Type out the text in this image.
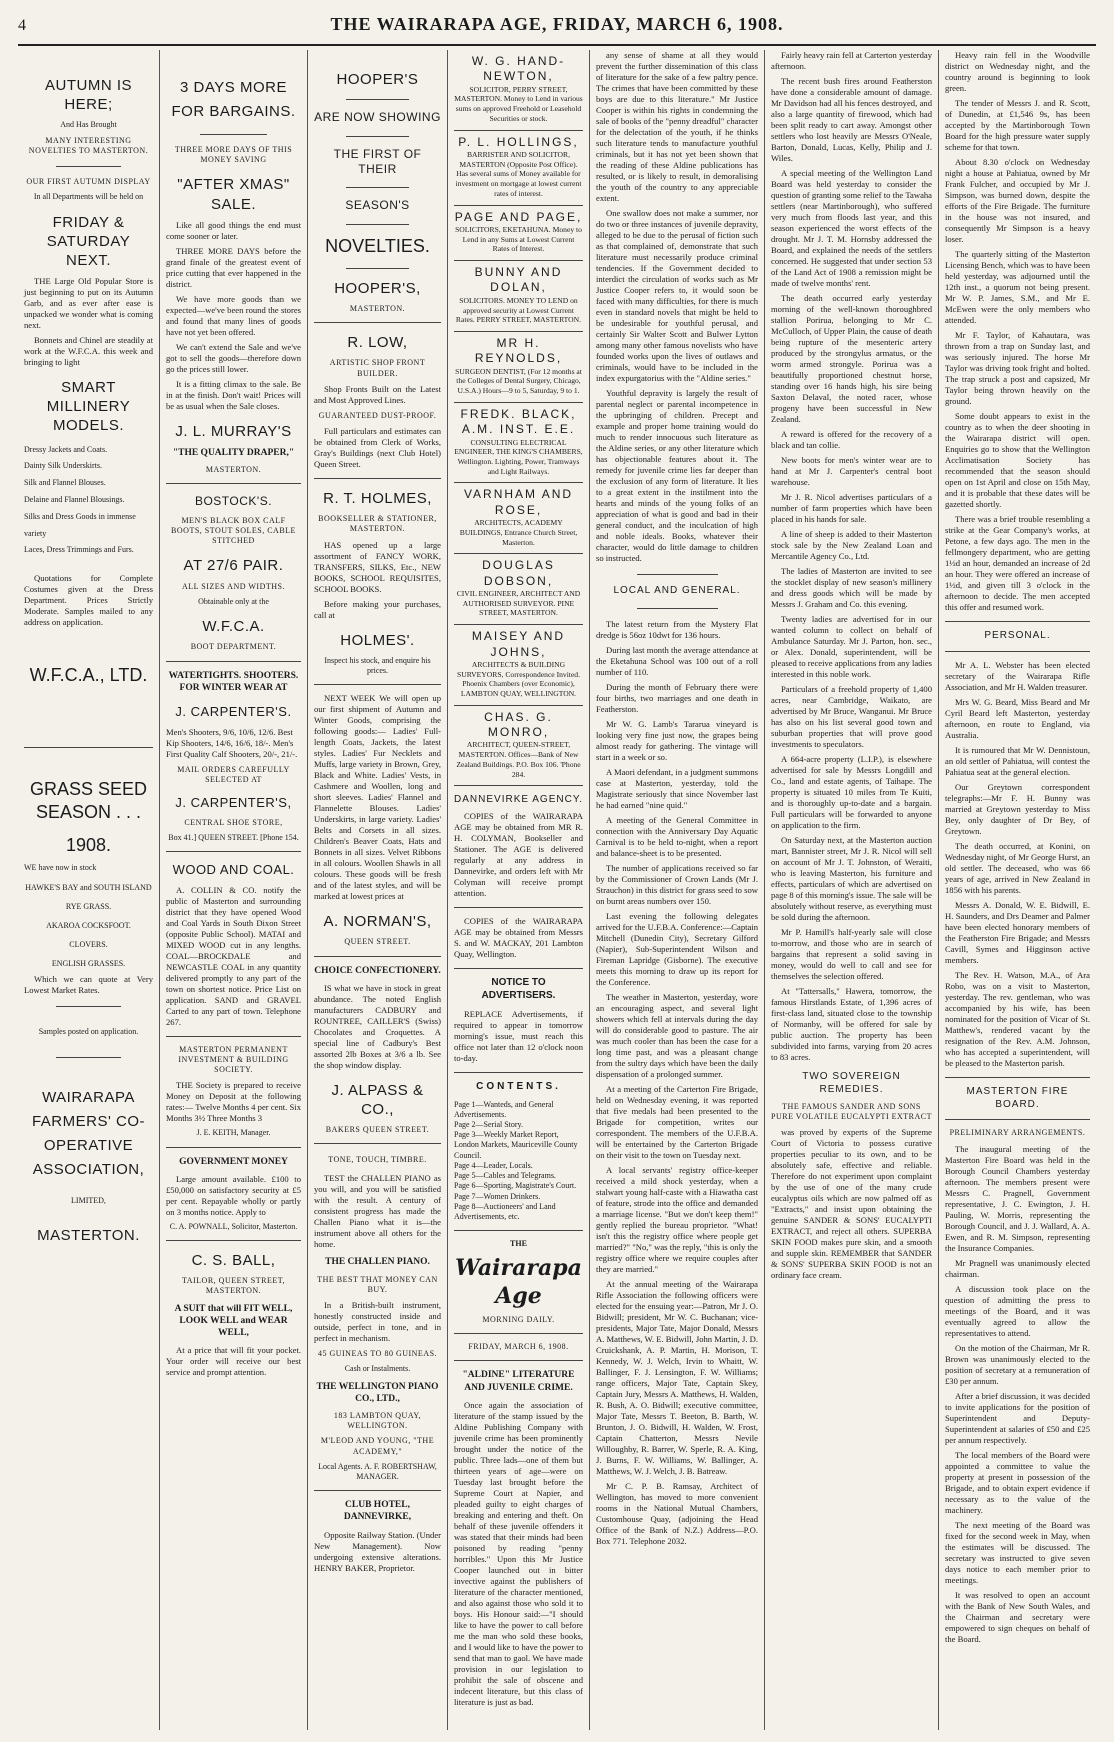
4	THE WAIRARAPA AGE, FRIDAY, MARCH 6, 1908.
AUTUMN IS HERE;
And Has Brought
MANY INTERESTING NOVELTIES TO MASTERTON.
OUR FIRST AUTUMN DISPLAY
In all Departments will be held on
FRIDAY & SATURDAY NEXT.

THE Large Old Popular Store is just beginning to put on its Autumn Garb, and as ever after ease is unpacked we wonder what is coming next.

Bonnets and Chinel are steadily at work at the W.F.C.A. this week and bringing to light

SMART MILLINERY MODELS.
Dressy Jackets and Coats.
Dainty Silk Underskirts.
Silk and Flannel Blouses.
Delaine and Flannel Blousings.
Silks and Dress Goods in immense variety
Laces, Dress Trimmings and Furs.

Quotations for Complete Costumes given at the Dress Department. Prices Strictly Moderate. Samples mailed to any address on application.

W.F.C.A., LTD.
GRASS SEED SEASON . . .
1908.
WE have now in stock
HAWKE'S BAY and SOUTH ISLAND RYE GRASS.
AKAROA COCKSFOOT.
CLOVERS.
ENGLISH GRASSES.

Which we can quote at Very Lowest Market Rates.

Samples posted on application.
WAIRARAPA FARMERS' CO-OPERATIVE ASSOCIATION,
LIMITED,
MASTERTON.
3 DAYS MORE FOR BARGAINS.
THREE MORE DAYS OF THIS MONEY SAVING
"AFTER XMAS" SALE.

Like all good things the end must come sooner or later.

THREE MORE DAYS before the grand finale of the greatest event of price cutting that ever happened in the district.

We have more goods than we expected—we've been round the stores and found that many lines of goods have not yet been offered.

We can't extend the Sale and we've got to sell the goods—therefore down go the prices still lower.

It is a fitting climax to the sale. Be in at the finish. Don't wait! Prices will be as usual when the Sale closes.

J. L. MURRAY'S
"THE QUALITY DRAPER,"
MASTERTON.
BOSTOCK'S.
MEN'S BLACK BOX CALF BOOTS, STOUT SOLES, CABLE STITCHED
AT 27/6 PAIR.
ALL SIZES AND WIDTHS.
Obtainable only at the
W.F.C.A.
BOOT DEPARTMENT.
WATERTIGHTS. SHOOTERS. FOR WINTER WEAR AT
J. CARPENTER'S.

Men's Shooters, 9/6, 10/6, 12/6. Best Kip Shooters, 14/6, 16/6, 18/-. Men's First Quality Calf Shooters, 20/-, 21/-.

MAIL ORDERS CAREFULLY SELECTED AT
J. CARPENTER'S,
CENTRAL SHOE STORE,
Box 41.] QUEEN STREET. [Phone 154.
WOOD AND COAL.

A. COLLIN & CO. notify the public of Masterton and surrounding district that they have opened Wood and Coal Yards in South Dixon Street (opposite Public School). MATAI and MIXED WOOD cut in any lengths. COAL—BROCKDALE and NEWCASTLE COAL in any quantity delivered promptly to any part of the town on shortest notice. Price List on application. SAND and GRAVEL Carted to any part of town. Telephone 267.

MASTERTON PERMANENT INVESTMENT & BUILDING SOCIETY.

THE Society is prepared to receive Money on Deposit at the following rates:— Twelve Months 4 per cent. Six Months 3½ Three Months 3

J. E. KEITH, Manager.
GOVERNMENT MONEY

Large amount available. £100 to £50,000 on satisfactory security at £5 per cent. Repayable wholly or partly on 3 months notice. Apply to

C. A. POWNALL, Solicitor, Masterton.
C. S. BALL,
TAILOR, QUEEN STREET, MASTERTON.
A SUIT that will FIT WELL, LOOK WELL and WEAR WELL,

At a price that will fit your pocket. Your order will receive our best service and prompt attention.

HOOPER'S
ARE NOW SHOWING
THE FIRST OF THEIR
SEASON'S
NOVELTIES.
HOOPER'S,
MASTERTON.
R. LOW,
ARTISTIC SHOP FRONT BUILDER.

Shop Fronts Built on the Latest and Most Approved Lines.

GUARANTEED DUST-PROOF.

Full particulars and estimates can be obtained from Clerk of Works, Gray's Buildings (next Club Hotel) Queen Street.

R. T. HOLMES,
BOOKSELLER & STATIONER, MASTERTON.

HAS opened up a large assortment of FANCY WORK, TRANSFERS, SILKS, Etc., NEW BOOKS, SCHOOL REQUISITES, SCHOOL BOOKS.

Before making your purchases, call at

HOLMES'.
Inspect his stock, and enquire his prices.

NEXT WEEK We will open up our first shipment of Autumn and Winter Goods, comprising the following goods:— Ladies' Full-length Coats, Jackets, the latest styles. Ladies' Fur Necklets and Muffs, large variety in Brown, Grey, Black and White. Ladies' Vests, in Cashmere and Woollen, long and short sleeves. Ladies' Flannel and Flannelette Blouses. Ladies' Underskirts, in large variety. Ladies' Belts and Corsets in all sizes. Children's Beaver Coats, Hats and Bonnets in all sizes. Velvet Ribbons in all colours. Woollen Shawls in all colours. These goods will be fresh and of the latest styles, and will be marked at lowest prices at

A. NORMAN'S,
QUEEN STREET.
CHOICE CONFECTIONERY.

IS what we have in stock in great abundance. The noted English manufacturers CADBURY and ROUNTREE, CAILLER'S (Swiss) Chocolates and Croquettes. A special line of Cadbury's Best assorted 2lb Boxes at 3/6 a lb. See the shop window display.

J. ALPASS & CO.,
BAKERS QUEEN STREET.
TONE, TOUCH, TIMBRE.

TEST the CHALLEN PIANO as you will, and you will be satisfied with the result. A century of consistent progress has made the Challen Piano what it is—the instrument above all others for the home.

THE CHALLEN PIANO.
THE BEST THAT MONEY CAN BUY.

In a British-built instrument, honestly constructed inside and outside, perfect in tone, and in perfect in mechanism.

45 GUINEAS TO 80 GUINEAS.
Cash or Instalments.
THE WELLINGTON PIANO CO., LTD.,
183 LAMBTON QUAY, WELLINGTON.
M'LEOD AND YOUNG, "THE ACADEMY,"
Local Agents. A. F. ROBERTSHAW, MANAGER.
CLUB HOTEL, DANNEVIRKE,

Opposite Railway Station. (Under New Management). Now undergoing extensive alterations. HENRY BAKER, Proprietor.

W. G. HAND-NEWTON,
SOLICITOR, PERRY STREET, MASTERTON. Money to Lend in various sums on approved Freehold or Leasehold Securities or stock.
P. L. HOLLINGS,
BARRISTER AND SOLICITOR, MASTERTON (Opposite Post Office). Has several sums of Money available for investment on mortgage at lowest current rates of interest.
PAGE AND PAGE,
SOLICITORS, EKETAHUNA. Money to Lend in any Sums at Lowest Current Rates of Interest.
BUNNY AND DOLAN,
SOLICITORS. MONEY TO LEND on approved security at Lowest Current Rates. PERRY STREET, MASTERTON.
MR H. REYNOLDS,
SURGEON DENTIST, (For 12 months at the Colleges of Dental Surgery, Chicago, U.S.A.) Hours—9 to 5, Saturday, 9 to 1.
FREDK. BLACK, A.M. INST. E.E.
CONSULTING ELECTRICAL ENGINEER, THE KING'S CHAMBERS, Wellington. Lighting, Power, Tramways and Light Railways.
VARNHAM AND ROSE,
ARCHITECTS, ACADEMY BUILDINGS, Entrance Church Street, Masterton.
DOUGLAS DOBSON,
CIVIL ENGINEER, ARCHITECT AND AUTHORISED SURVEYOR. PINE STREET, MASTERTON.
MAISEY AND JOHNS,
ARCHITECTS & BUILDING SURVEYORS, Correspondence Invited. Phoenix Chambers (over Economic), LAMBTON QUAY, WELLINGTON.
CHAS. G. MONRO,
ARCHITECT, QUEEN-STREET, MASTERTON. Offices—Bank of New Zealand Buildings. P.O. Box 106. 'Phone 284.
DANNEVIRKE AGENCY.

COPIES of the WAIRARAPA AGE may be obtained from MR R. H. COLYMAN, Bookseller and Stationer. The AGE is delivered regularly at any address in Dannevirke, and orders left with Mr Colyman will receive prompt attention.

COPIES of the WAIRARAPA AGE may be obtained from Messrs S. and W. MACKAY, 201 Lambton Quay, Wellington.

NOTICE TO ADVERTISERS.

REPLACE Advertisements, if required to appear in tomorrow morning's issue, must reach this office not later than 12 o'clock noon to-day.

CONTENTS.
Page 1—Wanteds, and General Advertisements.
Page 2—Serial Story.
Page 3—Weekly Market Report, London Markets, Mauriceville County Council.
Page 4—Leader, Locals.
Page 5—Cables and Telegrams.
Page 6—Sporting, Magistrate's Court.
Page 7—Women Drinkers.
Page 8—Auctioneers' and Land Advertisements, etc.
THE
Wairarapa Age
MORNING DAILY.
FRIDAY, MARCH 6, 1908.
"ALDINE" LITERATURE AND JUVENILE CRIME.

Once again the association of literature of the stamp issued by the Aldine Publishing Company with juvenile crime has been prominently brought under the notice of the public. Three lads—one of them but thirteen years of age—were on Tuesday last brought before the Supreme Court at Napier, and pleaded guilty to eight charges of breaking and entering and theft. On behalf of these juvenile offenders it was stated that their minds had been poisoned by reading "penny horribles." Upon this Mr Justice Cooper launched out in bitter invective against the publishers of literature of the character mentioned, and also against those who sold it to boys. His Honour said:—"I should like to have the power to call before me the man who sold these books, and I would like to have the power to send that man to gaol. We have made provision in our legislation to prohibit the sale of obscene and indecent literature, but this class of literature is just as bad.

any sense of shame at all they would prevent the further dissemination of this class of literature for the sake of a few paltry pence. The crimes that have been committed by these boys are due to this literature." Mr Justice Cooper is within his rights in condemning the sale of books of the "penny dreadful" character for the delectation of the youth, if he thinks such literature tends to manufacture youthful criminals, but it has not yet been shown that the reading of these Aldine publications has resulted, or is likely to result, in demoralising the youth of the country to any appreciable extent.

One swallow does not make a summer, nor do two or three instances of juvenile depravity, alleged to be due to the perusal of fiction such as that complained of, demonstrate that such literature must necessarily produce criminal tendencies. If the Government decided to interdict the circulation of works such as Mr Justice Cooper refers to, it would soon be faced with many difficulties, for there is much even in standard novels that might be held to be undesirable for youthful perusal, and certainly Sir Walter Scott and Bulwer Lytton among many other famous novelists who have founded works upon the lives of outlaws and criminals, would have to be included in the index expurgatorius with the "Aldine series."

Youthful depravity is largely the result of parental neglect or parental incompetence in the upbringing of children. Precept and example and proper home training would do much to render innocuous such literature as the Aldine series, or any other literature which has objectionable features about it. The remedy for juvenile crime lies far deeper than the exclusion of any form of literature. It lies to a great extent in the instilment into the hearts and minds of the young folks of an appreciation of what is good and bad in their general conduct, and the inculcation of high and noble ideals. Books, whatever their character, would do little damage to children so instructed.

LOCAL AND GENERAL.

The latest return from the Mystery Flat dredge is 56oz 10dwt for 136 hours.

During last month the average attendance at the Eketahuna School was 100 out of a roll number of 110.

During the month of February there were four births, two marriages and one death in Featherston.

Mr W. G. Lamb's Tararua vineyard is looking very fine just now, the grapes being almost ready for gathering. The vintage will start in a week or so.

A Maori defendant, in a judgment summons case at Masterton, yesterday, told the Magistrate seriously that since November last he had earned "nine quid."

A meeting of the General Committee in connection with the Anniversary Day Aquatic Carnival is to be held to-night, when a report and balance-sheet is to be presented.

The number of applications received so far by the Commissioner of Crown Lands (Mr J. Strauchon) in this district for grass seed to sow on burnt areas numbers over 150.

Last evening the following delegates arrived for the U.F.B.A. Conference:—Captain Mitchell (Dunedin City), Secretary Gilford (Napier), Sub-Superintendent Wilson and Fireman Lapridge (Gisborne). The executive meets this morning to draw up its report for the Conference.

The weather in Masterton, yesterday, wore an encouraging aspect, and several light showers which fell at intervals during the day will do considerable good to pasture. The air was much cooler than has been the case for a long time past, and was a pleasant change from the sultry days which have been the daily dispensation of a prolonged summer.

At a meeting of the Carterton Fire Brigade, held on Wednesday evening, it was reported that five medals had been presented to the Brigade for competition, writes our correspondent. The members of the U.F.B.A. will be entertained by the Carterton Brigade on their visit to the town on Tuesday next.

A local servants' registry office-keeper received a mild shock yesterday, when a stalwart young half-caste with a Hiawatha cast of feature, strode into the office and demanded a marriage license. "But we don't keep them!" gently replied the bureau proprietor. "What! isn't this the registry office where people get married?" "No," was the reply, "this is only the registry office where we require couples after they are married."

At the annual meeting of the Wairarapa Rifle Association the following officers were elected for the ensuing year:—Patron, Mr J. O. Bidwill; president, Mr W. C. Buchanan; vice-presidents, Major Tate, Major Donald, Messrs A. Matthews, W. E. Bidwill, John Martin, J. D. Cruickshank, A. P. Martin, H. Morison, T. Kennedy, W. J. Welch, Irvin to Whaitt, W. Ballinger, F. J. Lensington, F. W. Williams; range officers, Major Tate, Captain Skey, Captain Jury, Messrs A. Matthews, H. Walden, R. Bush, A. O. Bidwill; executive committee, Major Tate, Messrs T. Beeton, B. Barth, W. Brunton, J. O. Bidwill, H. Walden, W. Frost, Captain Chatterton, Messrs Nevile Willoughby, R. Barrer, W. Sperle, R. A. King, J. Burns, F. W. Williams, W. Ballinger, A. Matthews, W. J. Welch, J. B. Batreaw.

Mr C. P. B. Ramsay, Architect of Wellington, has moved to more convenient rooms in the National Mutual Chambers, Customhouse Quay, (adjoining the Head Office of the Bank of N.Z.) Address—P.O. Box 771. Telephone 2032.

Fairly heavy rain fell at Carterton yesterday afternoon.

The recent bush fires around Featherston have done a considerable amount of damage. Mr Davidson had all his fences destroyed, and also a large quantity of firewood, which had been split ready to cart away. Amongst other settlers who lost heavily are Messrs O'Neale, Barton, Donald, Lucas, Kelly, Philip and J. Wiles.

A special meeting of the Wellington Land Board was held yesterday to consider the question of granting some relief to the Tawaha settlers (near Martinborough), who suffered very much from floods last year, and this season experienced the worst effects of the drought. Mr J. T. M. Hornsby addressed the Board, and explained the needs of the settlers concerned. He suggested that under section 53 of the Land Act of 1908 a remission might be made of twelve months' rent.

The death occurred early yesterday morning of the well-known thoroughbred stallion Porirua, belonging to Mr C. McCulloch, of Upper Plain, the cause of death being rupture of the mesenteric artery produced by the strongylus armatus, or the worm armed strongyle. Porirua was a beautifully proportioned chestnut horse, standing over 16 hands high, his sire being Saxton Delaval, the noted racer, whose progeny have been successful in New Zealand.

A reward is offered for the recovery of a black and tan collie.

New boots for men's winter wear are to hand at Mr J. Carpenter's central boot warehouse.

Mr J. R. Nicol advertises particulars of a number of farm properties which have been placed in his hands for sale.

A line of sheep is added to their Masterton stock sale by the New Zealand Loan and Mercantile Agency Co., Ltd.

The ladies of Masterton are invited to see the stocklet display of new season's millinery and dress goods which will be made by Messrs J. Graham and Co. this evening.

Twenty ladies are advertised for in our wanted column to collect on behalf of Ambulance Saturday. Mr J. Parton, hon. sec., or Alex. Donald, superintendent, will be pleased to receive applications from any ladies interested in this noble work.

Particulars of a freehold property of 1,400 acres, near Cambridge, Waikato, are advertised by Mr Bruce, Wanganui. Mr Bruce has also on his list several good town and suburban properties that will prove good investments to speculators.

A 664-acre property (L.I.P.), is elsewhere advertised for sale by Messrs Longdill and Co., land and estate agents, of Taihape. The property is situated 10 miles from Te Kuiti, and is thoroughly up-to-date and a bargain. Full particulars will be forwarded to anyone on application to the firm.

On Saturday next, at the Masterton auction mart, Bannister street, Mr J. R. Nicol will sell on account of Mr J. T. Johnston, of Weraiti, who is leaving Masterton, his furniture and effects, particulars of which are advertised on page 8 of this morning's issue. The sale will be absolutely without reserve, as everything must be sold during the afternoon.

Mr P. Hamill's half-yearly sale will close to-morrow, and those who are in search of bargains that represent a solid saving in money, would do well to call and see for themselves the selection offered.

At "Tattersalls," Hawera, tomorrow, the famous Hirstlands Estate, of 1,396 acres of first-class land, situated close to the township of Normanby, will be offered for sale by public auction. The property has been subdivided into farms, varying from 20 acres to 83 acres.

TWO SOVEREIGN REMEDIES.
THE FAMOUS SANDER AND SONS PURE VOLATILE EUCALYPTI EXTRACT

was proved by experts of the Supreme Court of Victoria to possess curative properties peculiar to its own, and to be absolutely safe, effective and reliable. Therefore do not experiment upon complaint by the use of one of the many crude eucalyptus oils which are now palmed off as "Extracts," and insist upon obtaining the genuine SANDER & SONS' EUCALYPTI EXTRACT, and reject all others. SUPERBA SKIN FOOD makes pure skin, and a smooth and supple skin. REMEMBER that SANDER & SONS' SUPERBA SKIN FOOD is not an ordinary face cream.

Heavy rain fell in the Woodville district on Wednesday night, and the country around is beginning to look green.

The tender of Messrs J. and R. Scott, of Dunedin, at £1,546 9s, has been accepted by the Martinborough Town Board for the high pressure water supply scheme for that town.

About 8.30 o'clock on Wednesday night a house at Pahiatua, owned by Mr Frank Fulcher, and occupied by Mr J. Simpson, was burned down, despite the efforts of the Fire Brigade. The furniture in the house was not insured, and consequently Mr Simpson is a heavy loser.

The quarterly sitting of the Masterton Licensing Bench, which was to have been held yesterday, was adjourned until the 12th inst., a quorum not being present. Mr W. P. James, S.M., and Mr E. McEwen were the only members who attended.

Mr F. Taylor, of Kahautara, was thrown from a trap on Sunday last, and was seriously injured. The horse Mr Taylor was driving took fright and bolted. The trap struck a post and capsized, Mr Taylor being thrown heavily on the ground.

Some doubt appears to exist in the country as to when the deer shooting in the Wairarapa district will open. Enquiries go to show that the Wellington Acclimatisation Society has recommended that the season should open on 1st April and close on 15th May, and it is probable that these dates will be gazetted shortly.

There was a brief trouble resembling a strike at the Gear Company's works, at Petone, a few days ago. The men in the fellmongery department, who are getting 1½d an hour, demanded an increase of 2d an hour. They were offered an increase of 1½d, and given till 3 o'clock in the afternoon to decide. The men accepted this offer and resumed work.

PERSONAL.

Mr A. L. Webster has been elected secretary of the Wairarapa Rifle Association, and Mr H. Walden treasurer.

Mrs W. G. Beard, Miss Beard and Mr Cyril Beard left Masterton, yesterday afternoon, en route to England, via Australia.

It is rumoured that Mr W. Dennistoun, an old settler of Pahiatua, will contest the Pahiatua seat at the general election.

Our Greytown correspondent telegraphs:—Mr F. H. Bunny was married at Greytown yesterday to Miss Bey, only daughter of Dr Bey, of Greytown.

The death occurred, at Konini, on Wednesday night, of Mr George Hurst, an old settler. The deceased, who was 66 years of age, arrived in New Zealand in 1856 with his parents.

Messrs A. Donald, W. E. Bidwill, E. H. Saunders, and Drs Deamer and Palmer have been elected honorary members of the Featherston Fire Brigade; and Messrs Cavill, Symes and Higginson active members.

The Rev. H. Watson, M.A., of Ara Robo, was on a visit to Masterton, yesterday. The rev. gentleman, who was accompanied by his wife, has been nominated for the position of Vicar of St. Matthew's, rendered vacant by the resignation of the Rev. A.M. Johnson, who has accepted a superintendent, will be pleased to the Masterton parish.

MASTERTON FIRE BOARD.
PRELIMINARY ARRANGEMENTS.

The inaugural meeting of the Masterton Fire Board was held in the Borough Council Chambers yesterday afternoon. The members present were Messrs C. Pragnell, Government representative, J. C. Ewington, J. H. Pauling, W. Morris, representing the Borough Council, and J. J. Wallard, A. A. Ewen, and R. M. Simpson, representing the Insurance Companies.

Mr Pragnell was unanimously elected chairman.

A discussion took place on the question of admitting the press to meetings of the Board, and it was eventually agreed to allow the representatives to attend.

On the motion of the Chairman, Mr R. Brown was unanimously elected to the position of secretary at a remuneration of £30 per annum.

After a brief discussion, it was decided to invite applications for the position of Superintendent and Deputy-Superintendent at salaries of £50 and £25 per annum respectively.

The local members of the Board were appointed a committee to value the property at present in possession of the Brigade, and to obtain expert evidence if necessary as to the value of the machinery.

The next meeting of the Board was fixed for the second week in May, when the estimates will be discussed. The secretary was instructed to give seven days notice to each member prior to meetings.

It was resolved to open an account with the Bank of New South Wales, and the Chairman and secretary were empowered to sign cheques on behalf of the Board.
